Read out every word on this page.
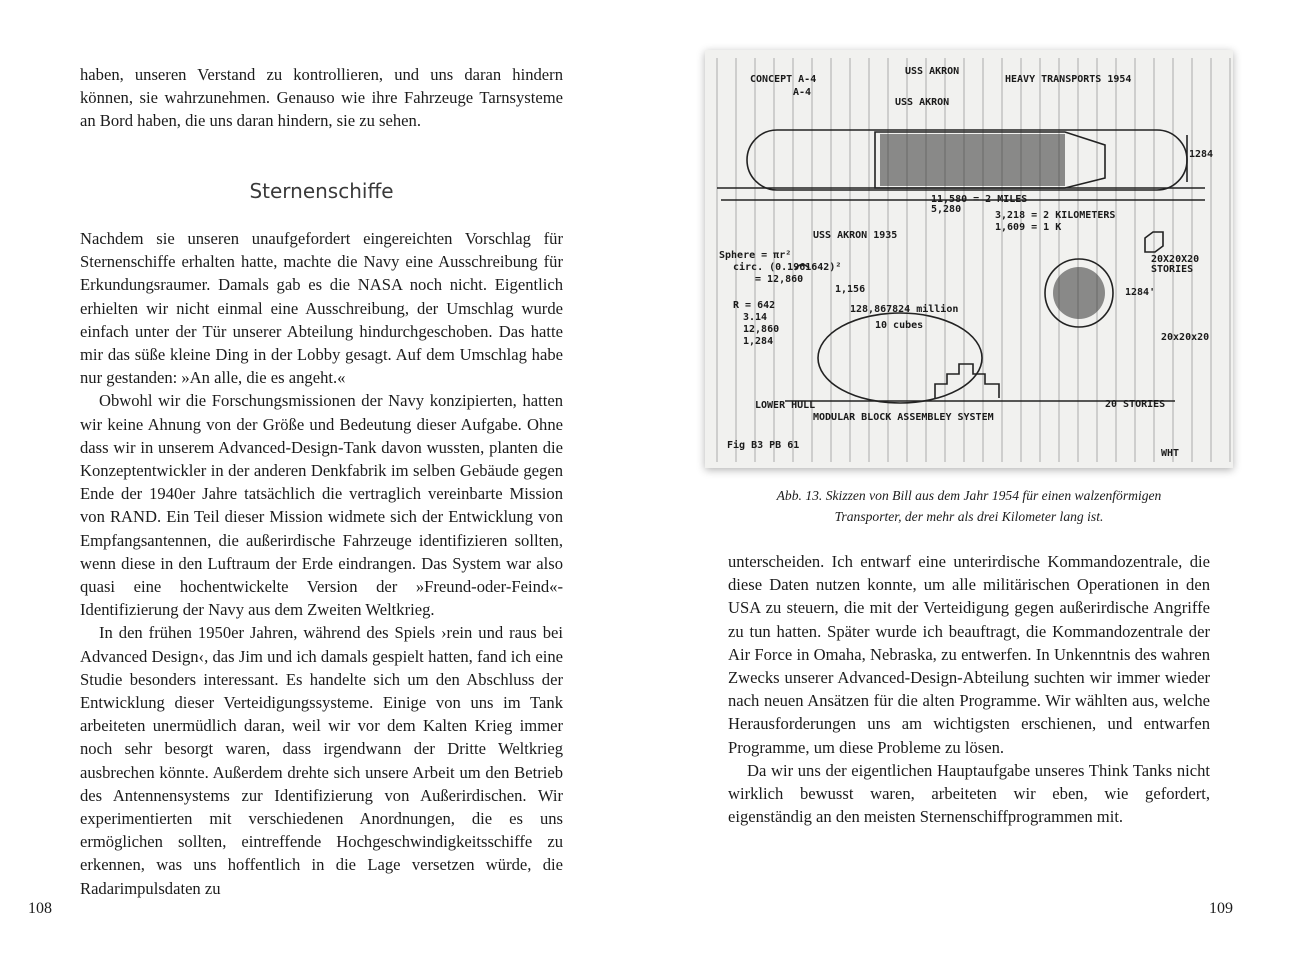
haben, unseren Verstand zu kontrollieren, und uns daran hindern können, sie wahrzunehmen. Genauso wie ihre Fahrzeuge Tarnsysteme an Bord haben, die uns daran hindern, sie zu sehen.

Sternenschiffe

Nachdem sie unseren unaufgefordert eingereichten Vorschlag für Sternenschiffe erhalten hatte, machte die Navy eine Ausschreibung für Erkundungsraumer. Damals gab es die NASA noch nicht. Eigentlich erhielten wir nicht einmal eine Ausschreibung, der Umschlag wurde einfach unter der Tür unserer Abteilung hindurchgeschoben. Das hatte mir das süße kleine Ding in der Lobby gesagt. Auf dem Umschlag habe nur gestanden: »An alle, die es angeht.«

Obwohl wir die Forschungsmissionen der Navy konzipierten, hatten wir keine Ahnung von der Größe und Bedeutung dieser Aufgabe. Ohne dass wir in unserem Advanced-Design-Tank davon wussten, planten die Konzeptentwickler in der anderen Denkfabrik im selben Gebäude gegen Ende der 1940er Jahre tatsächlich die vertraglich vereinbarte Mission von RAND. Ein Teil dieser Mission widmete sich der Entwicklung von Empfangsantennen, die außerirdische Fahrzeuge identifizieren sollten, wenn diese in den Luftraum der Erde eindrangen. Das System war also quasi eine hochentwickelte Version der »Freund-oder-Feind«-Identifizierung der Navy aus dem Zweiten Weltkrieg.

In den frühen 1950er Jahren, während des Spiels ›rein und raus bei Advanced Design‹, das Jim und ich damals gespielt hatten, fand ich eine Studie besonders interessant. Es handelte sich um den Abschluss der Entwicklung dieser Verteidigungssysteme. Einige von uns im Tank arbeiteten unermüdlich daran, weil wir vor dem Kalten Krieg immer noch sehr besorgt waren, dass irgendwann der Dritte Weltkrieg ausbrechen könnte. Außerdem drehte sich unsere Arbeit um den Betrieb des Antennensystems zur Identifizierung von Außerirdischen. Wir experimentierten mit verschiedenen Anordnungen, die es uns ermöglichen sollten, eintreffende Hochgeschwindigkeitsschiffe zu erkennen, was uns hoffentlich in die Lage versetzen würde, die Radarimpulsdaten zu

108

CONCEPT A-4
A-4
USS AKRON
USS AKRON
HEAVY TRANSPORTS 1954
1284
11,580 = 2 MILES
5,280
3,218 = 2 KILOMETERS
1,609 = 1 K
USS AKRON 1935
Sphere = πr²
circ. (0.1961642)²
= 12,860
R = 642
3.14
12,860
1,284
1,156
128,867824 million
10 cubes
20X20X20
STORIES
1284'
20x20x20
LOWER HULL
MODULAR BLOCK ASSEMBLEY SYSTEM
20 STORIES
Fig B3 PB 61
WHT

Abb. 13. Skizzen von Bill aus dem Jahr 1954 für einen walzenförmigen
Transporter, der mehr als drei Kilometer lang ist.

unterscheiden. Ich entwarf eine unterirdische Kommandozentrale, die diese Daten nutzen konnte, um alle militärischen Operationen in den USA zu steuern, die mit der Verteidigung gegen außerirdische Angriffe zu tun hatten. Später wurde ich beauftragt, die Kommandozentrale der Air Force in Omaha, Nebraska, zu entwerfen. In Unkenntnis des wahren Zwecks unserer Advanced-Design-Abteilung suchten wir immer wieder nach neuen Ansätzen für die alten Programme. Wir wählten aus, welche Herausforderungen uns am wichtigsten erschienen, und entwarfen Programme, um diese Probleme zu lösen.

Da wir uns der eigentlichen Hauptaufgabe unseres Think Tanks nicht wirklich bewusst waren, arbeiteten wir eben, wie gefordert, eigenständig an den meisten Sternenschiffprogrammen mit.

109
